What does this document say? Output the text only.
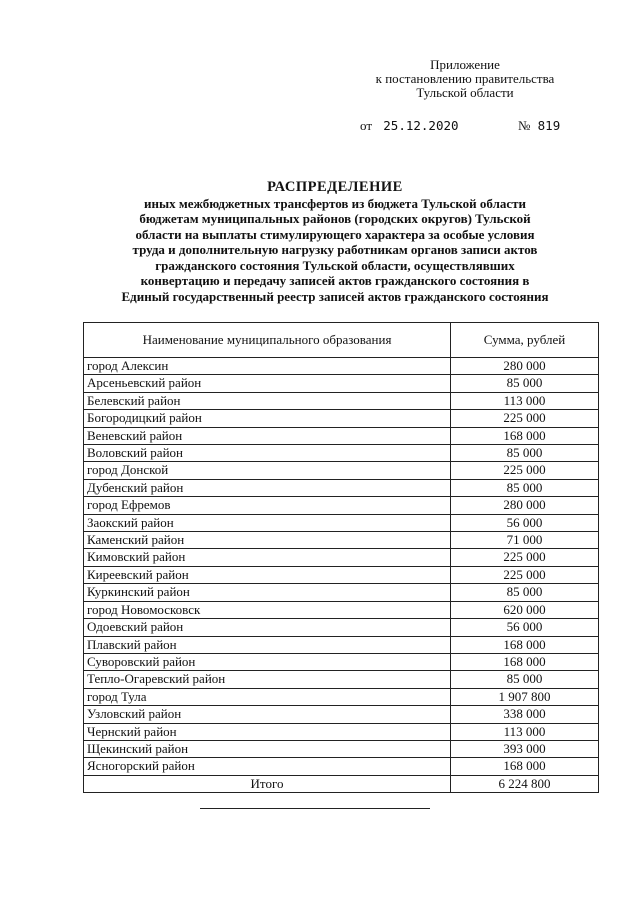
Приложение
к постановлению правительства
Тульской области
от 25.12.2020	№ 819
РАСПРЕДЕЛЕНИЕ
иных межбюджетных трансфертов из бюджета Тульской области
бюджетам муниципальных районов (городских округов) Тульской
области на выплаты стимулирующего характера за особые условия
труда и дополнительную нагрузку работникам органов записи актов
гражданского состояния Тульской области, осуществлявших
конвертацию и передачу записей актов гражданского состояния в
Единый государственный реестр записей актов гражданского состояния
Наименование муниципального образования	Сумма, рублей
город Алексин	280 000
Арсеньевский район	85 000
Белевский район	113 000
Богородицкий район	225 000
Веневский район	168 000
Воловский район	85 000
город Донской	225 000
Дубенский район	85 000
город Ефремов	280 000
Заокский район	56 000
Каменский район	71 000
Кимовский район	225 000
Киреевский район	225 000
Куркинский район	85 000
город Новомосковск	620 000
Одоевский район	56 000
Плавский район	168 000
Суворовский район	168 000
Тепло-Огаревский район	85 000
город Тула	1 907 800
Узловский район	338 000
Чернский район	113 000
Щекинский район	393 000
Ясногорский район	168 000
Итого	6 224 800
